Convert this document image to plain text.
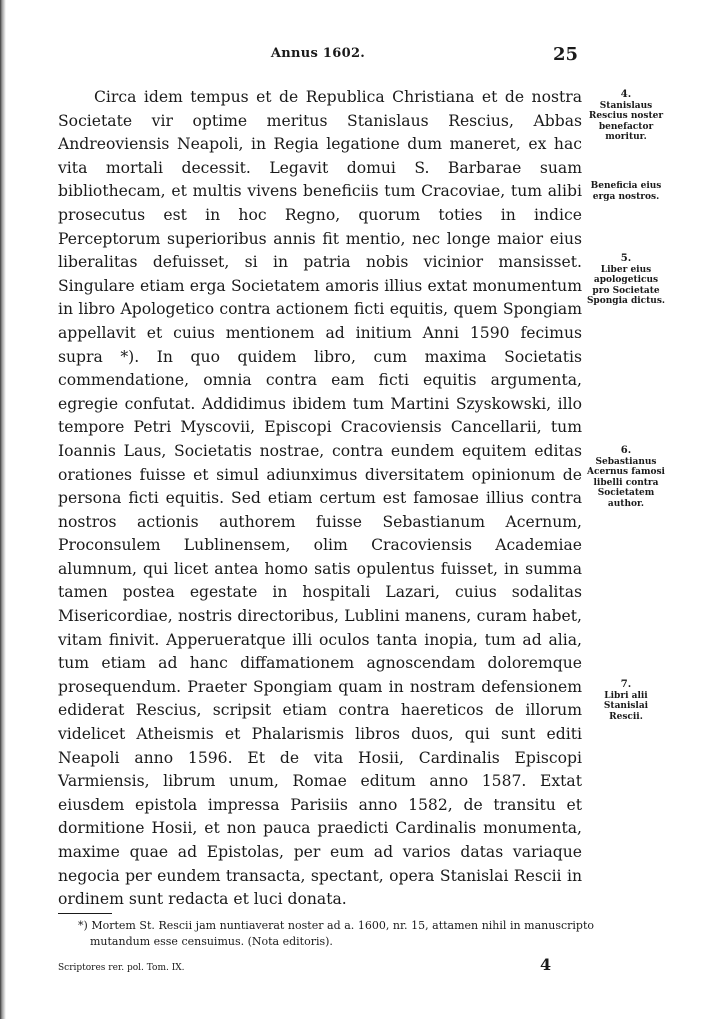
Annus 1602.	25

Circa idem tempus et de Republica Christiana et de nostra Societate vir optime meritus Stanislaus Rescius, Abbas Andreoviensis Neapoli, in Regia legatione dum maneret, ex hac vita mortali decessit. Legavit domui S. Barbarae suam bibliothecam, et multis vivens beneficiis tum Cracoviae, tum alibi prosecutus est in hoc Regno, quorum toties in indice Perceptorum superioribus annis fit mentio, nec longe maior eius liberalitas defuisset, si in patria nobis vicinior mansisset. Singulare etiam erga Societatem amoris illius extat monumentum in libro Apologetico contra actionem ficti equitis, quem Spongiam appellavit et cuius mentionem ad initium Anni 1590 fecimus supra *). In quo quidem libro, cum maxima Societatis commendatione, omnia contra eam ficti equitis argumenta, egregie confutat. Addidimus ibidem tum Martini Szyskowski, illo tempore Petri Myscovii, Episcopi Cracoviensis Cancellarii, tum Ioannis Laus, Societatis nostrae, contra eundem equitem editas orationes fuisse et simul adiunximus diversitatem opinionum de persona ficti equitis. Sed etiam certum est famosae illius contra nostros actionis authorem fuisse Sebastianum Acernum, Proconsulem Lublinensem, olim Cracoviensis Academiae alumnum, qui licet antea homo satis opulentus fuisset, in summa tamen postea egestate in hospitali Lazari, cuius sodalitas Misericordiae, nostris directoribus, Lublini manens, curam habet, vitam finivit. Apperueratque illi oculos tanta inopia, tum ad alia, tum etiam ad hanc diffamationem agnoscendam doloremque prosequendum. Praeter Spongiam quam in nostram defensionem ediderat Rescius, scripsit etiam contra haereticos de illorum videlicet Atheismis et Phalarismis libros duos, qui sunt editi Neapoli anno 1596. Et de vita Hosii, Cardinalis Episcopi Varmiensis, librum unum, Romae editum anno 1587. Extat eiusdem epistola impressa Parisiis anno 1582, de transitu et dormitione Hosii, et non pauca praedicti Cardinalis monumenta, maxime quae ad Epistolas, per eum ad varios datas variaque negocia per eundem transacta, spectant, opera Stanislai Rescii in ordinem sunt redacta et luci donata.

4.
Stanislaus Rescius noster benefactor moritur.
Beneficia eius erga nostros.
5.
Liber eius apologeticus pro Societate Spongia dictus.
6.
Sebastianus Acernus famosi libelli contra Societatem author.
7.
Libri alii Stanislai Rescii.
*) Mortem St. Rescii jam nuntiaverat noster ad a. 1600, nr. 15, attamen nihil in manuscripto mutandum esse censuimus. (Nota editoris).
Scriptores rer. pol. Tom. IX.	4
